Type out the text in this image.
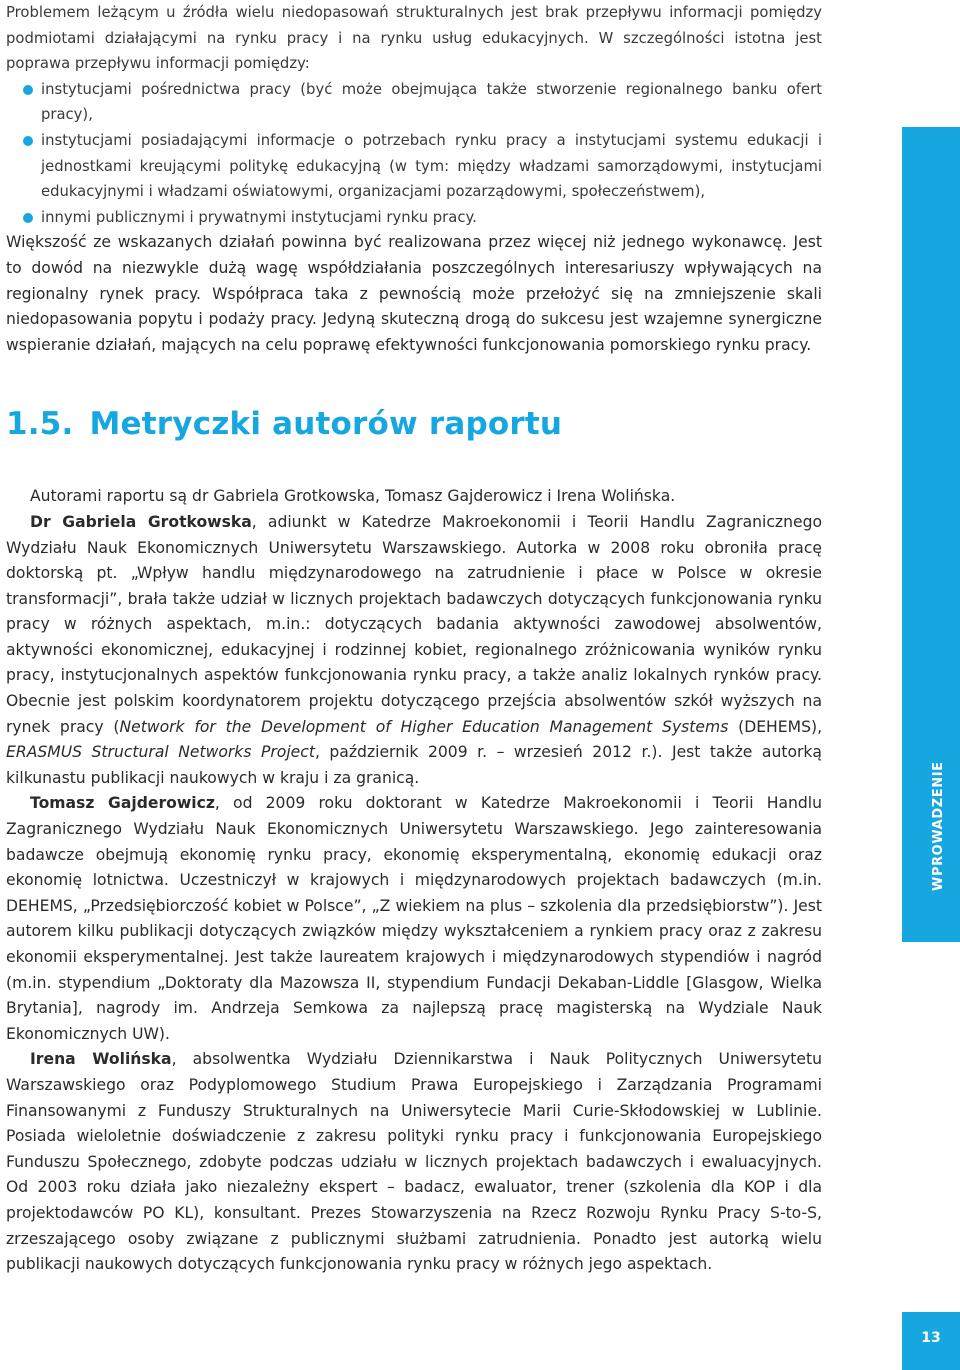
Problemem leżącym u źródła wielu niedopasowań strukturalnych jest brak przepływu informacji pomiędzy podmiotami działającymi na rynku pracy i na rynku usług edukacyjnych. W szczególności istotna jest poprawa przepływu informacji pomiędzy:

instytucjami pośrednictwa pracy (być może obejmująca także stworzenie regionalnego banku ofert pracy),
instytucjami posiadającymi informacje o potrzebach rynku pracy a instytucjami systemu edukacji i jednostkami kreującymi politykę edukacyjną (w tym: między władzami samorządowymi, instytucjami edukacyjnymi i władzami oświatowymi, organizacjami pozarządowymi, społeczeństwem),
innymi publicznymi i prywatnymi instytucjami rynku pracy.

Większość ze wskazanych działań powinna być realizowana przez więcej niż jednego wykonawcę. Jest to dowód na niezwykle dużą wagę współdziałania poszczególnych interesariuszy wpływających na regionalny rynek pracy. Współpraca taka z pewnością może przełożyć się na zmniejszenie skali niedopasowania popytu i podaży pracy. Jedyną skuteczną drogą do sukcesu jest wzajemne synergiczne wspieranie działań, mających na celu poprawę efektywności funkcjonowania pomorskiego rynku pracy.

1.5. Metryczki autorów raportu

Autorami raportu są dr Gabriela Grotkowska, Tomasz Gajderowicz i Irena Wolińska.

Dr Gabriela Grotkowska, adiunkt w Katedrze Makroekonomii i Teorii Handlu Zagranicznego Wydziału Nauk Ekonomicznych Uniwersytetu Warszawskiego. Autorka w 2008 roku obroniła pracę doktorską pt. „Wpływ handlu międzynarodowego na zatrudnienie i płace w Polsce w okresie transformacji”, brała także udział w licznych projektach badawczych dotyczących funkcjonowania rynku pracy w różnych aspektach, m.in.: dotyczących badania aktywności zawodowej absolwentów, aktywności ekonomicznej, edukacyjnej i rodzinnej kobiet, regionalnego zróżnicowania wyników rynku pracy, instytucjonalnych aspektów funkcjonowania rynku pracy, a także analiz lokalnych rynków pracy. Obecnie jest polskim koordynatorem projektu dotyczącego przejścia absolwentów szkół wyższych na rynek pracy (Network for the Development of Higher Education Management Systems (DEHEMS), ERASMUS Structural Networks Project, październik 2009 r. – wrzesień 2012 r.). Jest także autorką kilkunastu publikacji naukowych w kraju i za granicą.

Tomasz Gajderowicz, od 2009 roku doktorant w Katedrze Makroekonomii i Teorii Handlu Zagranicznego Wydziału Nauk Ekonomicznych Uniwersytetu Warszawskiego. Jego zainteresowania badawcze obejmują ekonomię rynku pracy, ekonomię eksperymentalną, ekonomię edukacji oraz ekonomię lotnictwa. Uczestniczył w krajowych i międzynarodowych projektach badawczych (m.in. DEHEMS, „Przedsiębiorczość kobiet w Polsce”, „Z wiekiem na plus – szkolenia dla przedsiębiorstw”). Jest autorem kilku publikacji dotyczących związków między wykształceniem a rynkiem pracy oraz z zakresu ekonomii eksperymentalnej. Jest także laureatem krajowych i międzynarodowych stypendiów i nagród (m.in. stypendium „Doktoraty dla Mazowsza II, stypendium Fundacji Dekaban-Liddle [Glasgow, Wielka Brytania], nagrody im. Andrzeja Semkowa za najlepszą pracę magisterską na Wydziale Nauk Ekonomicznych UW).

Irena Wolińska, absolwentka Wydziału Dziennikarstwa i Nauk Politycznych Uniwersytetu Warszawskiego oraz Podyplomowego Studium Prawa Europejskiego i Zarządzania Programami Finansowanymi z Funduszy Strukturalnych na Uniwersytecie Marii Curie-Skłodowskiej w Lublinie. Posiada wieloletnie doświadczenie z zakresu polityki rynku pracy i funkcjonowania Europejskiego Funduszu Społecznego, zdobyte podczas udziału w licznych projektach badawczych i ewaluacyjnych. Od 2003 roku działa jako niezależny ekspert – badacz, ewaluator, trener (szkolenia dla KOP i dla projektodawców PO KL), konsultant. Prezes Stowarzyszenia na Rzecz Rozwoju Rynku Pracy S-to-S, zrzeszającego osoby związane z publicznymi służbami zatrudnienia. Ponadto jest autorką wielu publikacji naukowych dotyczących funkcjonowania rynku pracy w różnych jego aspektach.

WPROWADZENIE
13
